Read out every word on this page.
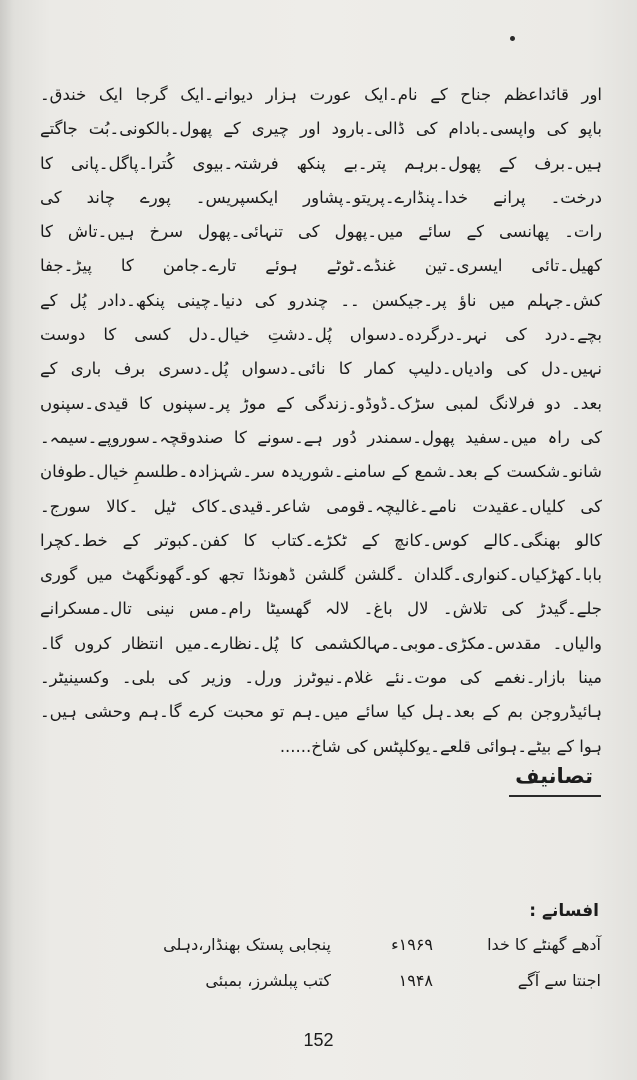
اور قائداعظم جناح کے نام۔ایک عورت ہزار دیوانے۔ایک گرجا ایک خندق۔
باپو کی واپسی۔بادام کی ڈالی۔بارود اور چیری کے پھول۔بالکونی۔بُت جاگتے
ہیں۔برف کے پھول۔برہم پتر۔بے پنکھ فرشتہ۔بیوی کُترا۔پاگل۔پانی کا
درخت۔ پرانے خدا۔پنڈارے۔پریتو۔پشاور ایکسپریس۔ پورے چاند کی
رات۔ پھانسی کے سائے میں۔پھول کی تنہائی۔پھول سرخ ہیں۔تاش کا
کھیل۔تائی ایسری۔تین غنڈے۔ٹوٹے ہوئے تارے۔جامن کا پیڑ۔جفا
کش۔جہلم میں ناؤ پر۔جیکسن ۔۔ چندرو کی دنیا۔چینی پنکھ۔دادر پُل کے
بچے۔درد کی نہر۔درگرده۔دسواں پُل۔دشتِ خیال۔دل کسی کا دوست
نہیں۔دل کی وادیاں۔دلیپ کمار کا نائی۔دسواں پُل۔دسری برف باری کے
بعد۔ دو فرلانگ لمبی سڑک۔ڈوڈو۔زندگی کے موڑ پر۔سپنوں کا قیدی۔سپنوں
کی راہ میں۔سفید پھول۔سمندر دُور ہے۔سونے کا صندوقچہ۔سوروپے۔سیمہ۔
شانو۔شکست کے بعد۔شمع کے سامنے۔شوریدہ سر۔شہزادہ۔طلسمِ خیال۔طوفان
کی کلیاں۔عقیدت نامے۔غالیچہ۔قومی شاعر۔قیدی۔کاک ٹیل ۔کالا سورج۔
کالو بھنگی۔کالے کوس۔کانچ کے ٹکڑے۔کتاب کا کفن۔کبوتر کے خط۔کچرا
بابا۔کھڑکیاں۔کنواری۔گلدان ۔گلشن گلشن ڈھونڈا تجھ کو۔گھونگھٹ میں گوری
جلے۔گیدڑ کی تلاش۔ لال باغ۔ لالہ گھسیٹا رام۔مس نینی تال۔مسکرانے
والیاں۔ مقدس۔مکڑی۔موبی۔مہالکشمی کا پُل۔نظارے۔میں انتظار کروں گا۔
مینا بازار۔نغمے کی موت۔نئے غلام۔نیوٹرز ورل۔ وزیر کی بلی۔ وکسینیٹر۔
ہائیڈروجن بم کے بعد۔ہل کیا سائے میں۔ہم تو محبت کرے گا۔ہم وحشی ہیں۔
ہوا کے بیٹے۔ہوائی قلعے۔یوکلپٹس کی شاخ......
تصانیف
افسانے :
آدھے گھنٹے کا خدا
۱۹۶۹ء
پنجابی پستک بھنڈار،دہلی
اجنتا سے آگے
۱۹۴۸
کتب پبلشرز، بمبئی
152
